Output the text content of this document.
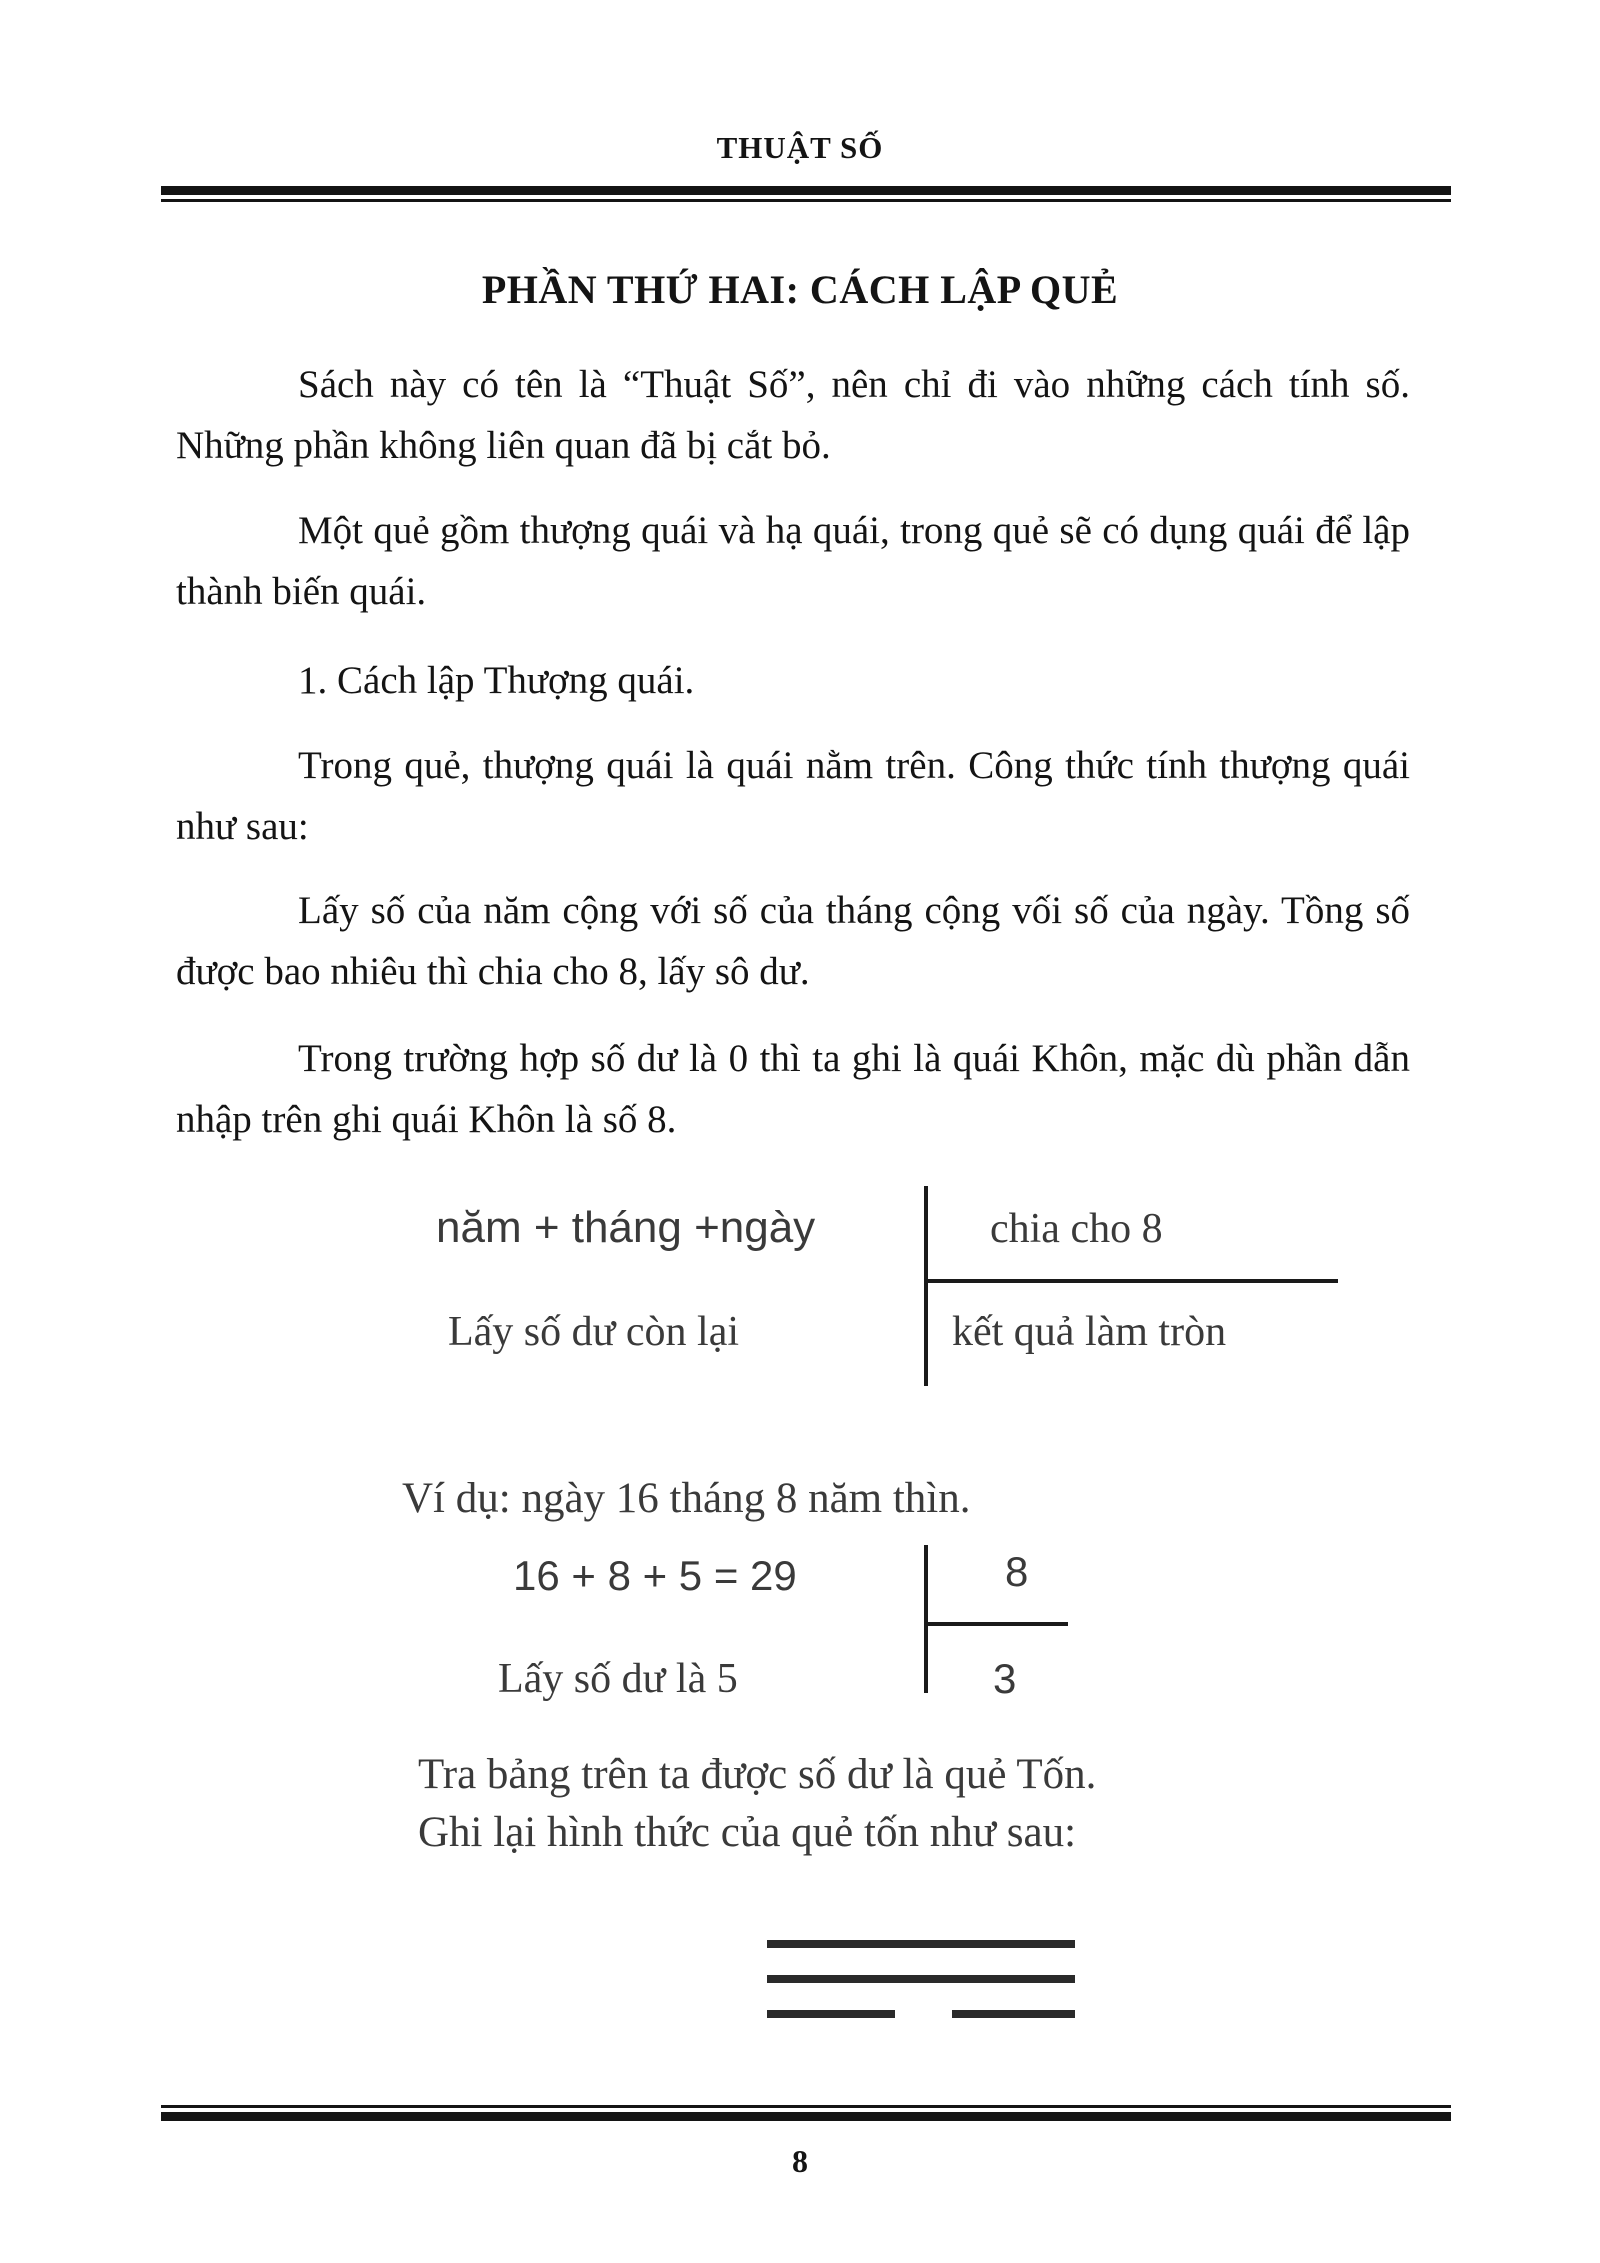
THUẬT SỐ
PHẦN THỨ HAI: CÁCH LẬP QUẺ
Sách này có tên là “Thuật Số”, nên chỉ đi vào những cách tính số. Những phần không liên quan đã bị cắt bỏ.
Một quẻ gồm thượng quái và hạ quái, trong quẻ sẽ có dụng quái để lập thành biến quái.
1. Cách lập Thượng quái.
Trong quẻ, thượng quái là quái nằm trên. Công thức tính thượng quái như sau:
Lấy số của năm cộng với số của tháng cộng vối số của ngày. Tồng số được bao nhiêu thì chia cho 8, lấy sô dư.
Trong trường hợp số dư là 0 thì ta ghi là quái Khôn, mặc dù phần dẫn nhập trên ghi quái Khôn là số 8.
năm + tháng +ngày	chia cho 8
Lấy số dư còn lại	kết quả làm tròn
Ví dụ: ngày 16 tháng 8 năm thìn.
16 + 8 + 5 = 29	8
Lấy số dư là 5	3
Tra bảng trên ta được số dư là quẻ Tốn.
Ghi lại hình thức của quẻ tốn như sau:
8
